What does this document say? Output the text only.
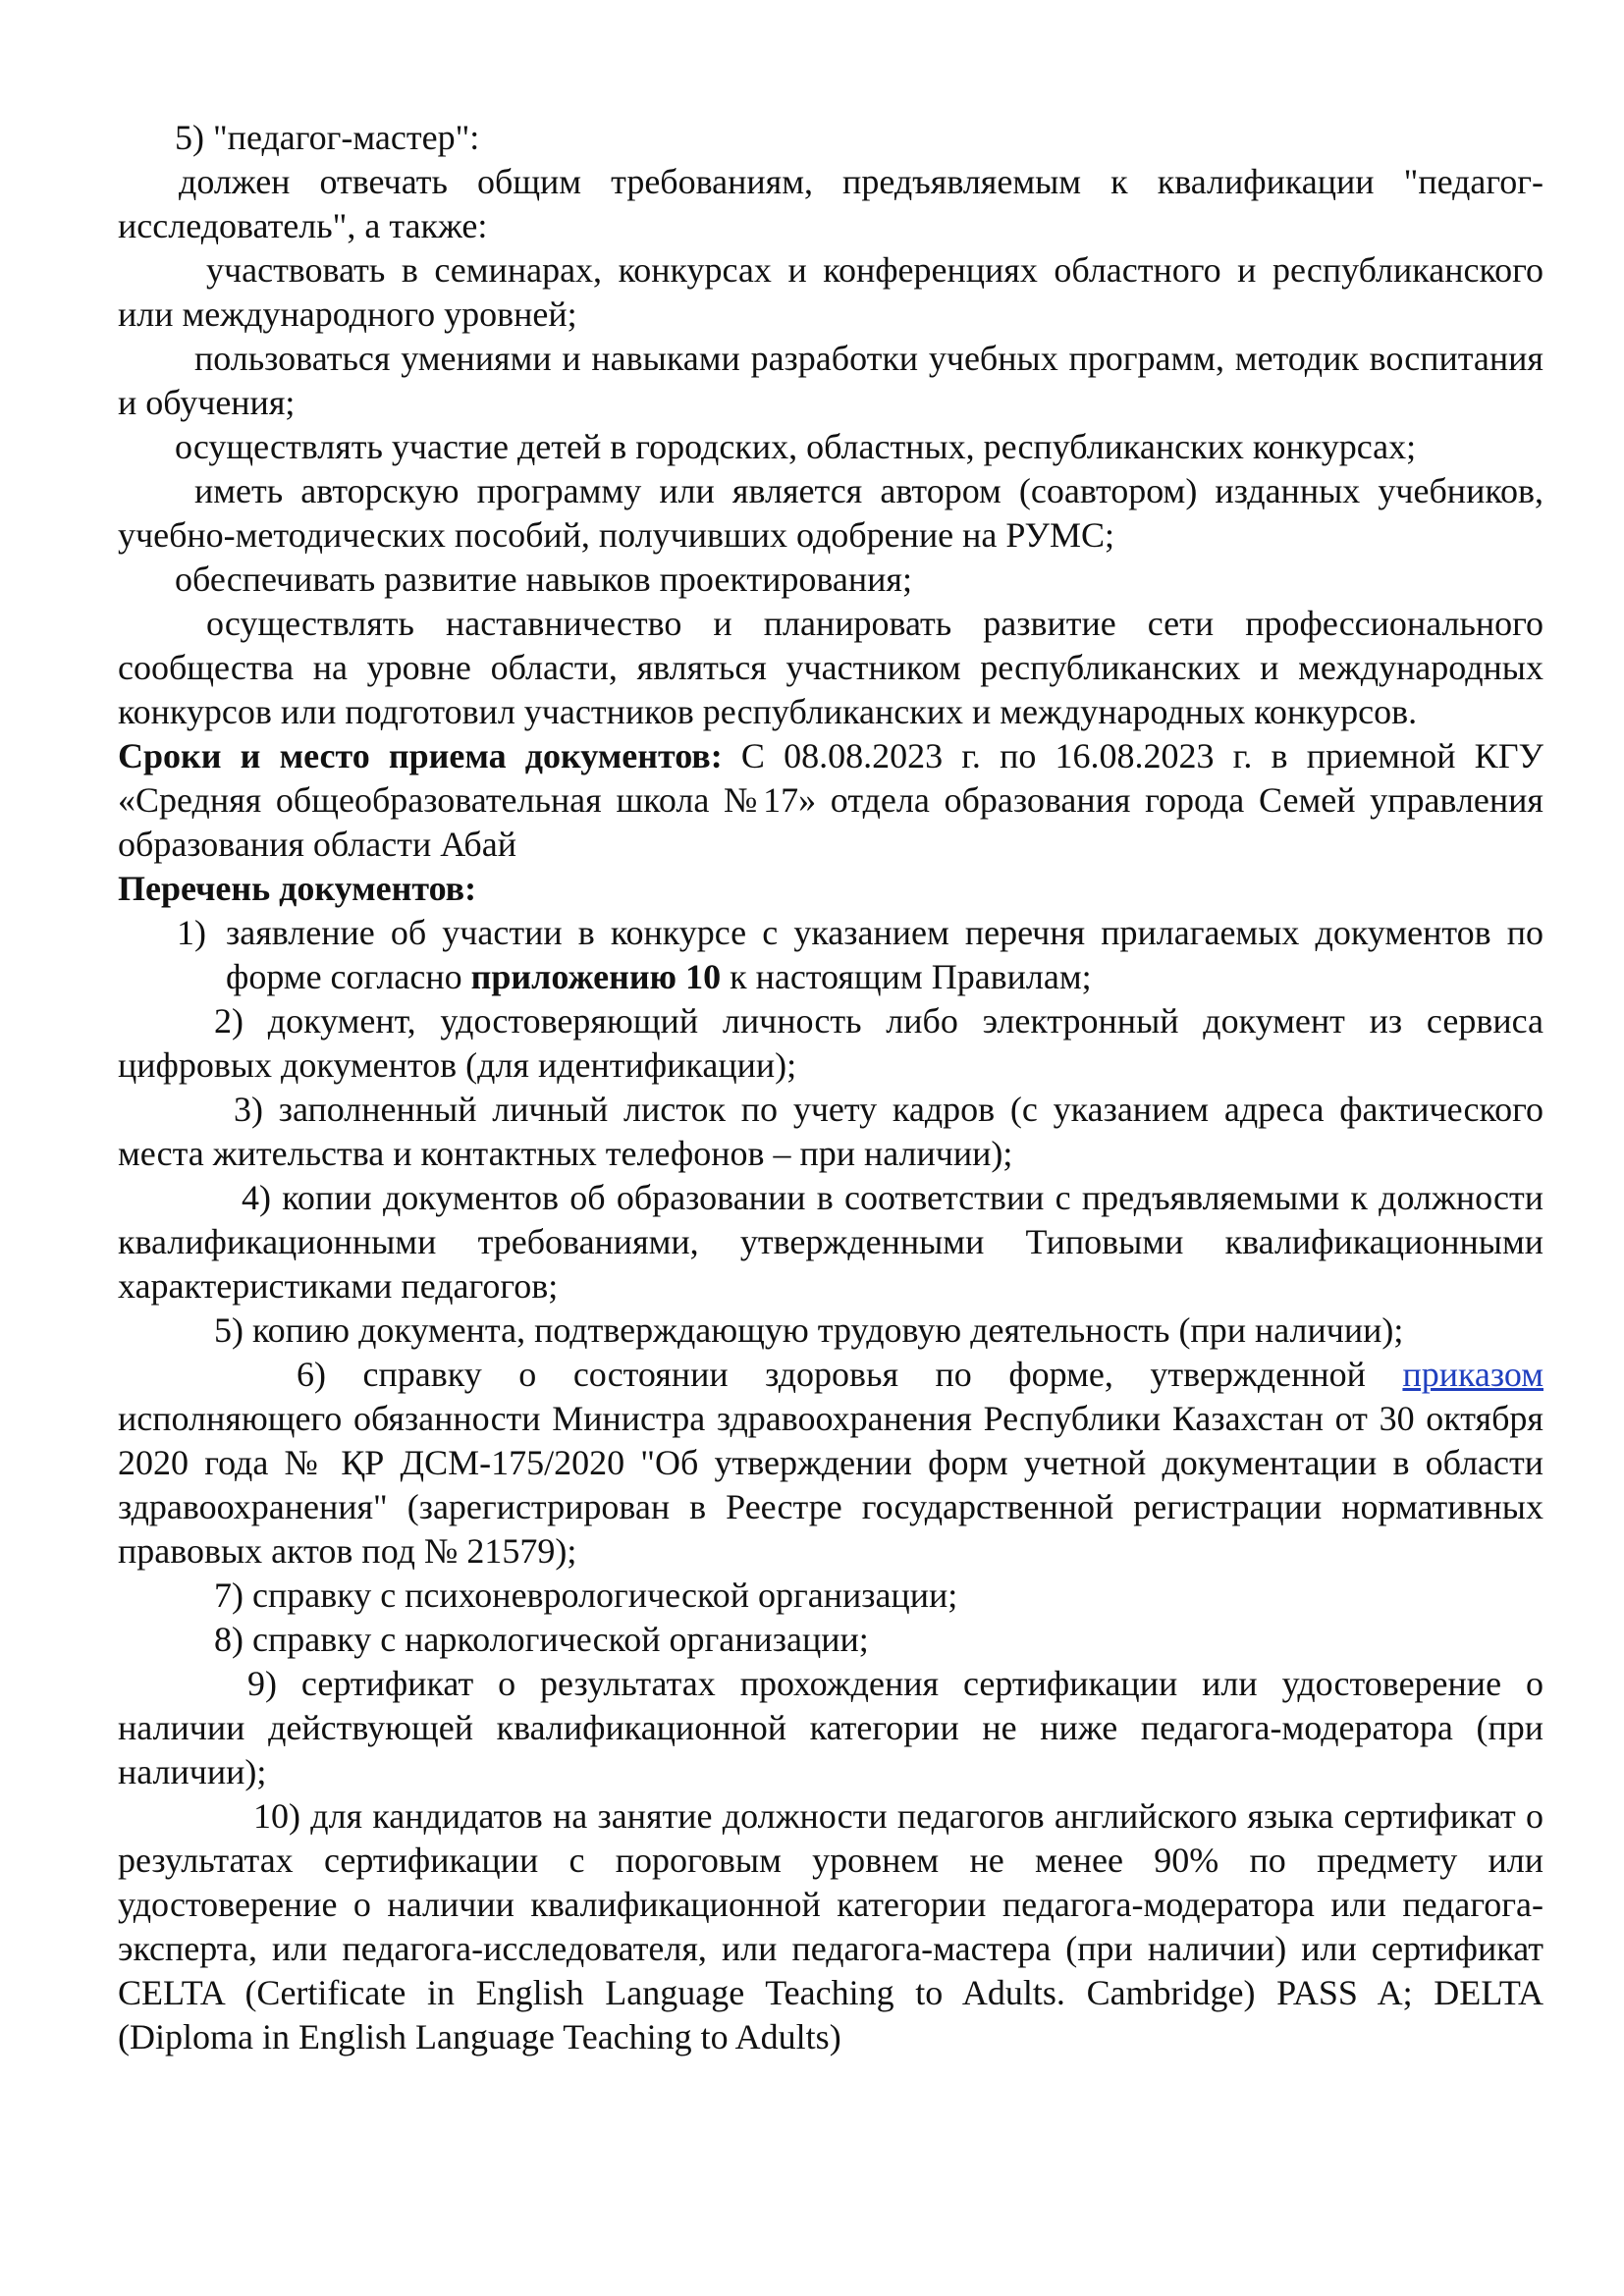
5) "педагог-мастер":

должен отвечать общим требованиям, предъявляемым к квалификации "педагог-исследователь", а также:

участвовать в семинарах, конкурсах и конференциях областного и республиканского или международного уровней;

пользоваться умениями и навыками разработки учебных программ, методик воспитания и обучения;

осуществлять участие детей в городских, областных, республиканских конкурсах;

иметь авторскую программу или является автором (соавтором) изданных учебников, учебно-методических пособий, получивших одобрение на РУМС;

обеспечивать развитие навыков проектирования;

осуществлять наставничество и планировать развитие сети профессионального сообщества на уровне области, являться участником республиканских и международных конкурсов или подготовил участников республиканских и международных конкурсов.

Сроки и место приема документов: С 08.08.2023 г. по 16.08.2023 г. в приемной КГУ «Средняя общеобразовательная школа №17» отдела образования города Семей управления образования области Абай

Перечень документов:

1) заявление об участии в конкурсе с указанием перечня прилагаемых документов по форме согласно приложению 10 к настоящим Правилам;

2) документ, удостоверяющий личность либо электронный документ из сервиса цифровых документов (для идентификации);

3) заполненный личный листок по учету кадров (с указанием адреса фактического места жительства и контактных телефонов – при наличии);

4) копии документов об образовании в соответствии с предъявляемыми к должности квалификационными требованиями, утвержденными Типовыми квалификационными характеристиками педагогов;

5) копию документа, подтверждающую трудовую деятельность (при наличии);

6) справку о состоянии здоровья по форме, утвержденной приказом исполняющего обязанности Министра здравоохранения Республики Казахстан от 30 октября 2020 года № ҚР ДСМ-175/2020 "Об утверждении форм учетной документации в области здравоохранения" (зарегистрирован в Реестре государственной регистрации нормативных правовых актов под № 21579);

7) справку с психоневрологической организации;

8) справку с наркологической организации;

9) сертификат о результатах прохождения сертификации или удостоверение о наличии действующей квалификационной категории не ниже педагога-модератора (при наличии);

10) для кандидатов на занятие должности педагогов английского языка сертификат о результатах сертификации с пороговым уровнем не менее 90% по предмету или удостоверение о наличии квалификационной категории педагога-модератора или педагога-эксперта, или педагога-исследователя, или педагога-мастера (при наличии) или сертификат CELTA (Certificate in English Language Teaching to Adults. Cambridge) PASS A; DELTA (Diploma in English Language Teaching to Adults)
